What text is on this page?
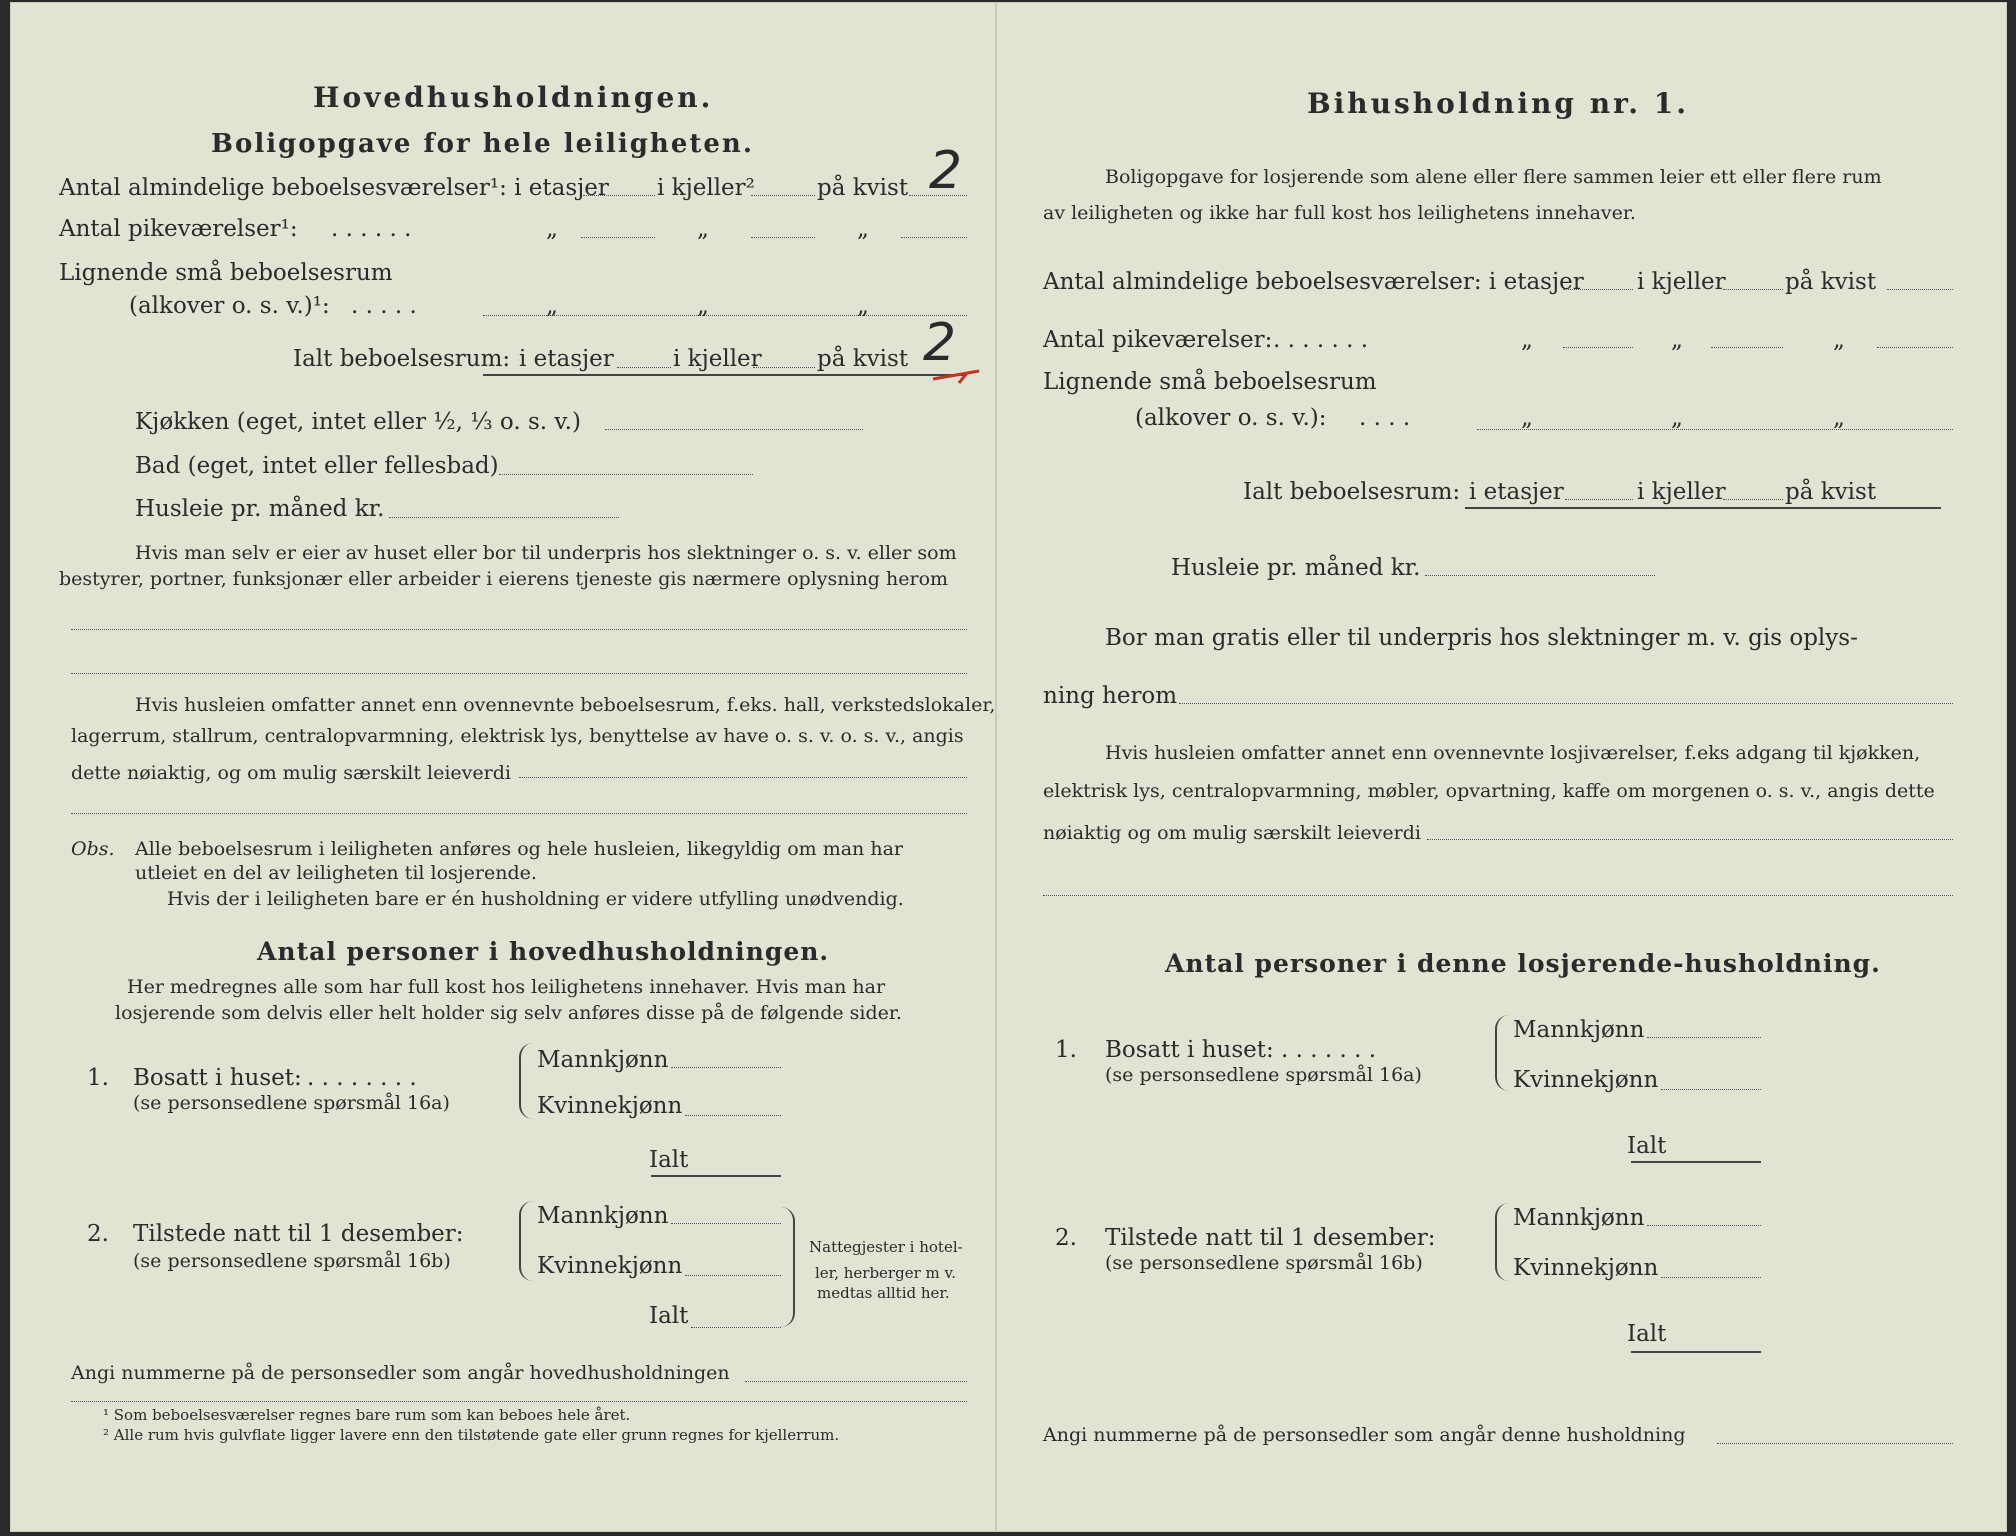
Hovedhusholdningen.
Boligopgave for hele leiligheten.
Antal almindelige beboelsesværelser¹: i etasjer i kjeller²	på kvist 2
Antal pikeværelser¹: . . . . . .	„	„	„
Lignende små beboelsesrum
(alkover o. s. v.)¹: . . . . .	„	„	„
Ialt beboelsesrum: i etasjer	i kjeller på kvist 2
Kjøkken (eget, intet eller ½, ⅓ o. s. v.)
Bad (eget, intet eller fellesbad)
Husleie pr. måned kr.
Hvis man selv er eier av huset eller bor til underpris hos slektninger o. s. v. eller som
bestyrer, portner, funksjonær eller arbeider i eierens tjeneste gis nærmere oplysning herom
Hvis husleien omfatter annet enn ovennevnte beboelsesrum, f.eks. hall, verkstedslokaler,
lagerrum, stallrum, centralopvarmning, elektrisk lys, benyttelse av have o. s. v. o. s. v., angis
dette nøiaktig, og om mulig særskilt leieverdi
Obs. Alle beboelsesrum i leiligheten anføres og hele husleien, likegyldig om man har
utleiet en del av leiligheten til losjerende.
Hvis der i leiligheten bare er én husholdning er videre utfylling unødvendig.
Antal personer i hovedhusholdningen.
Her medregnes alle som har full kost hos leilighetens innehaver. Hvis man har
losjerende som delvis eller helt holder sig selv anføres disse på de følgende sider.
1. Bosatt i huset: . . . . . . . .
(se personsedlene spørsmål 16a)
Mannkjønn
Kvinnekjønn
Ialt
2. Tilstede natt til 1 desember:
(se personsedlene spørsmål 16b)
Mannkjønn
Kvinnekjønn
Ialt
Nattegjester i hotel-
ler, herberger m v.
medtas alltid her.
Angi nummerne på de personsedler som angår hovedhusholdningen
¹ Som beboelsesværelser regnes bare rum som kan beboes hele året.
² Alle rum hvis gulvflate ligger lavere enn den tilstøtende gate eller grunn regnes for kjellerrum.
Bihusholdning nr. 1.
Boligopgave for losjerende som alene eller flere sammen leier ett eller flere rum
av leiligheten og ikke har full kost hos leilighetens innehaver.
Antal almindelige beboelsesværelser: i etasjer i kjeller	på kvist
Antal pikeværelser: . . . . . . .	„	„	„
Lignende små beboelsesrum
(alkover o. s. v.): . . . .	„	„	„
Ialt beboelsesrum: i etasjer	i kjeller	på kvist
Husleie pr. måned kr.
Bor man gratis eller til underpris hos slektninger m. v. gis oplys-
ning herom
Hvis husleien omfatter annet enn ovennevnte losjiværelser, f.eks adgang til kjøkken,
elektrisk lys, centralopvarmning, møbler, opvartning, kaffe om morgenen o. s. v., angis dette
nøiaktig og om mulig særskilt leieverdi
Antal personer i denne losjerende-husholdning.
1. Bosatt i huset: . . . . . . .
(se personsedlene spørsmål 16a)
Mannkjønn
Kvinnekjønn
Ialt
2. Tilstede natt til 1 desember:
(se personsedlene spørsmål 16b)
Mannkjønn
Kvinnekjønn
Ialt
Angi nummerne på de personsedler som angår denne husholdning
